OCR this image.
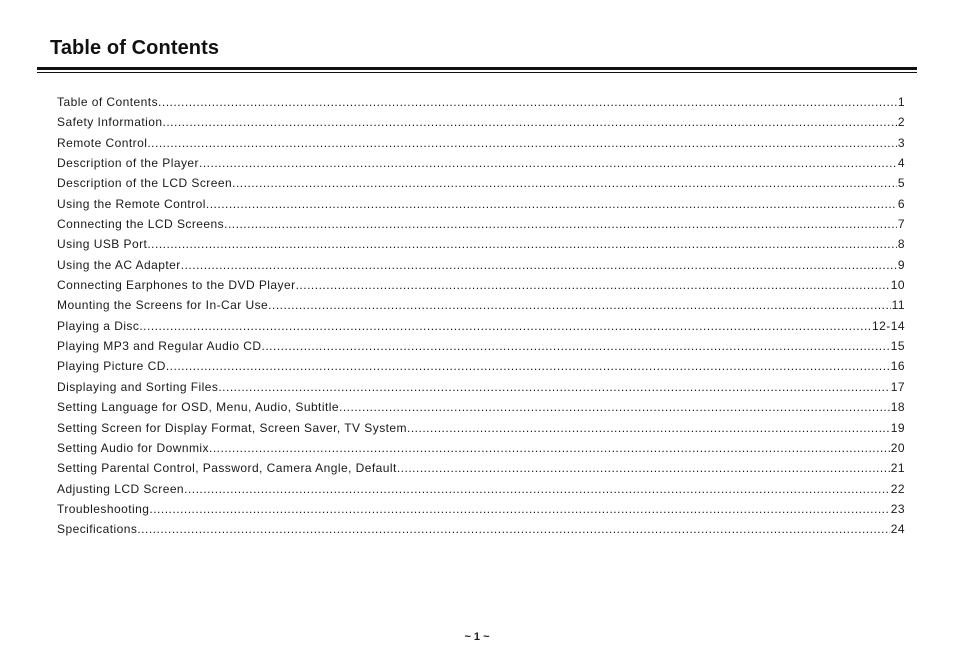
Table of Contents
Table of Contents .....	1
Safety Information .....	2
Remote Control .....	3
Description of the Player .....	4
Description of the LCD Screen .....	5
Using the Remote Control .....	6
Connecting the LCD Screens .....	7
Using USB Port .....	8
Using the AC Adapter .....	9
Connecting Earphones to the DVD Player .....	10
Mounting the Screens for In-Car Use .....	11
Playing a Disc .....	12-14
Playing MP3 and Regular Audio CD .....	15
Playing Picture CD .....	16
Displaying and Sorting Files .....	17
Setting Language for OSD, Menu, Audio, Subtitle .....	18
Setting Screen for Display Format, Screen Saver, TV System .....	19
Setting Audio for Downmix .....	20
Setting Parental Control, Password, Camera Angle, Default .....	21
Adjusting LCD Screen .....	22
Troubleshooting .....	23
Specifications .....	24
~ 1 ~
